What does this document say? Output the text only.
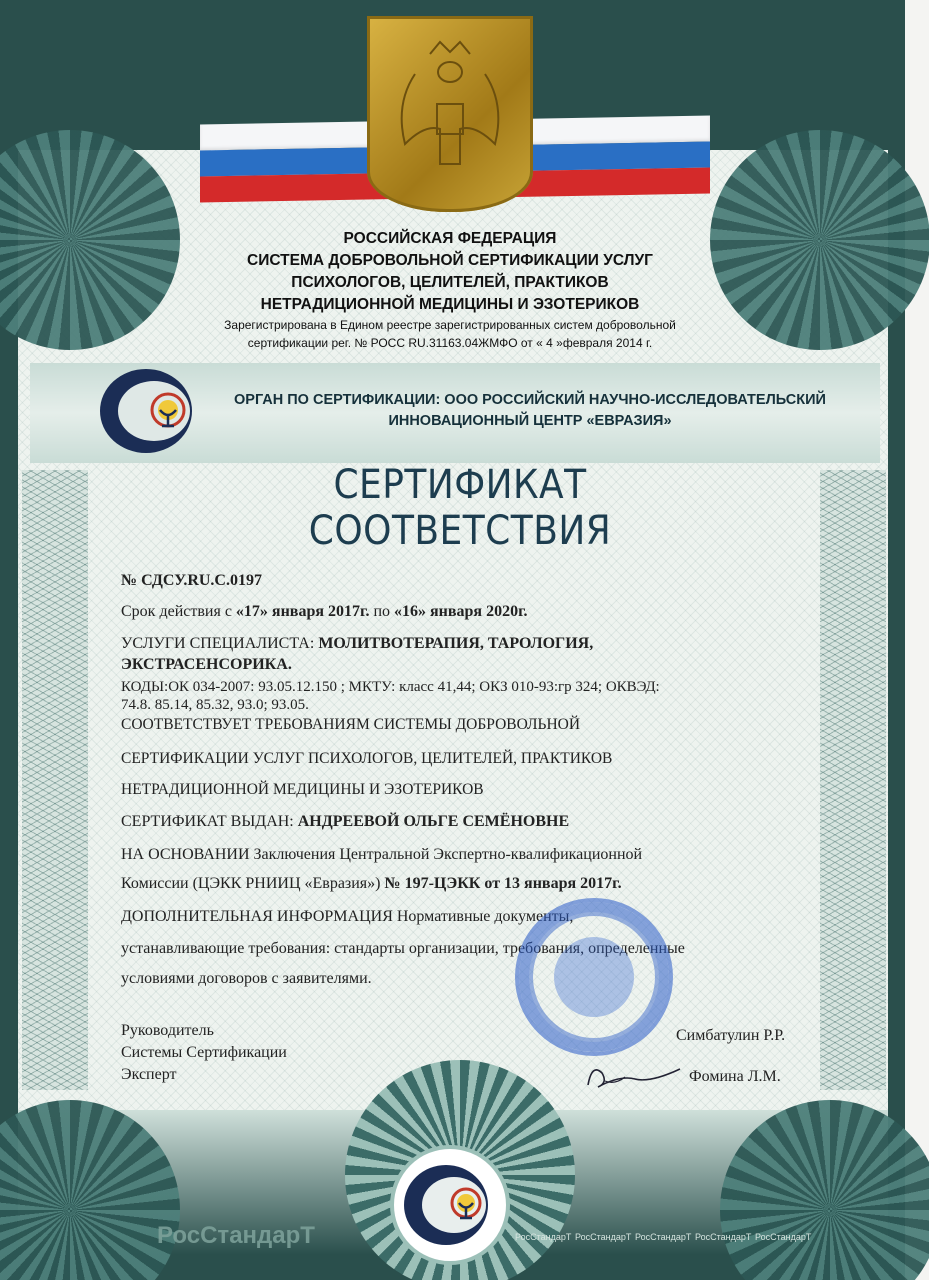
РОССИЙСКАЯ ФЕДЕРАЦИЯ
СИСТЕМА ДОБРОВОЛЬНОЙ СЕРТИФИКАЦИИ УСЛУГ
ПСИХОЛОГОВ, ЦЕЛИТЕЛЕЙ, ПРАКТИКОВ
НЕТРАДИЦИОННОЙ МЕДИЦИНЫ И ЭЗОТЕРИКОВ
Зарегистрирована в Едином реестре зарегистрированных систем добровольной
сертификации рег. № РОСС RU.31163.04ЖМФО от « 4 »февраля 2014 г.
ОРГАН ПО СЕРТИФИКАЦИИ: ООО РОССИЙСКИЙ НАУЧНО-ИССЛЕДОВАТЕЛЬСКИЙ
ИННОВАЦИОННЫЙ ЦЕНТР «ЕВРАЗИЯ»
СЕРТИФИКАТ СООТВЕТСТВИЯ
№ СДСУ.RU.С.0197
Срок действия с «17» января 2017г. по «16» января 2020г.
УСЛУГИ СПЕЦИАЛИСТА: МОЛИТВОТЕРАПИЯ, ТАРОЛОГИЯ,
ЭКСТРАСЕНСОРИКА.
КОДЫ:ОК 034-2007: 93.05.12.150 ; МКТУ: класс 41,44; ОКЗ 010-93:гр 324; ОКВЭД:
74.8. 85.14, 85.32, 93.0; 93.05.
СООТВЕТСТВУЕТ ТРЕБОВАНИЯМ СИСТЕМЫ ДОБРОВОЛЬНОЙ
СЕРТИФИКАЦИИ УСЛУГ ПСИХОЛОГОВ, ЦЕЛИТЕЛЕЙ, ПРАКТИКОВ
НЕТРАДИЦИОННОЙ МЕДИЦИНЫ И ЭЗОТЕРИКОВ
СЕРТИФИКАТ ВЫДАН: АНДРЕЕВОЙ ОЛЬГЕ СЕМЁНОВНЕ
НА ОСНОВАНИИ Заключения Центральной Экспертно-квалификационной
Комиссии (ЦЭКК РНИИЦ «Евразия») № 197-ЦЭКК от 13 января 2017г.
ДОПОЛНИТЕЛЬНАЯ ИНФОРМАЦИЯ Нормативные документы,
устанавливающие требования: стандарты организации, требования, определенные
условиями договоров с заявителями.
Руководитель
Системы Сертификации
Эксперт
Симбатулин Р.Р.
Фомина Л.М.
РосСтандарТ	РосСтандарТ РосСтандарТ РосСтандарТ РосСтандарТ РосСтандарТ
